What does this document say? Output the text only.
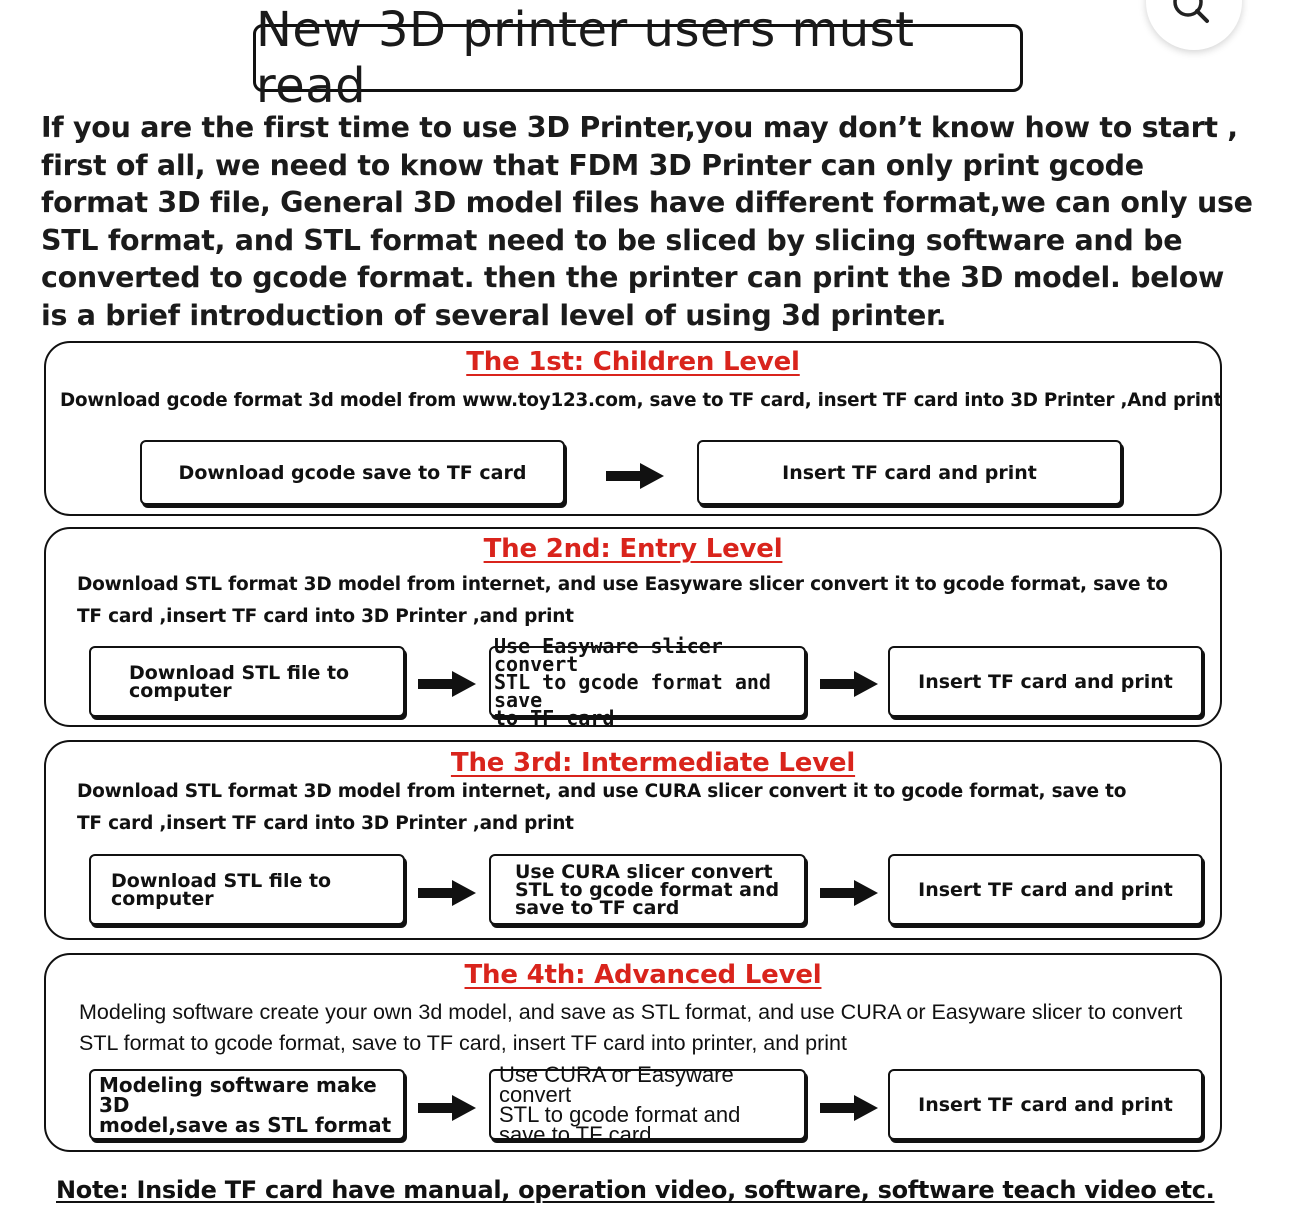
New 3D printer users must read

If you are the first time to use 3D Printer,you may don’t know how to start , first of all, we need to know that FDM 3D Printer can only print gcode format 3D file, General 3D model files have different format,we can only use STL format, and STL format need to be sliced by slicing software and be converted to gcode format. then the printer can print the 3D model. below is a brief introduction of several level of using 3d printer.

The 1st: Children Level
Download gcode format 3d model from www.toy123.com, save to TF card, insert TF card into 3D Printer ,And print
Download gcode save to TF card	Insert TF card and print
The 2nd: Entry Level
Download STL format 3D model from internet, and use Easyware slicer convert it to gcode format, save to
TF card ,insert TF card into 3D Printer ,and print
Download STL file to
computer
Use Easyware slicer convert
STL to gcode format and save
to TF card
Insert TF card and print
The 3rd: Intermediate Level
Download STL format 3D model from internet, and use CURA slicer convert it to gcode format, save to
TF card ,insert TF card into 3D Printer ,and print
Download STL file to
computer
Use CURA slicer convert
STL to gcode format and
save to TF card
Insert TF card and print
The 4th: Advanced Level
Modeling software create your own 3d model, and save as STL format, and use CURA or Easyware slicer to convert
STL format to gcode format, save to TF card, insert TF card into printer, and print
Modeling software make 3D
model,save as STL format
Use CURA or Easyware convert
STL to gcode format and
save to TF card
Insert TF card and print
Note: Inside TF card have manual, operation video, software, software teach video etc.
